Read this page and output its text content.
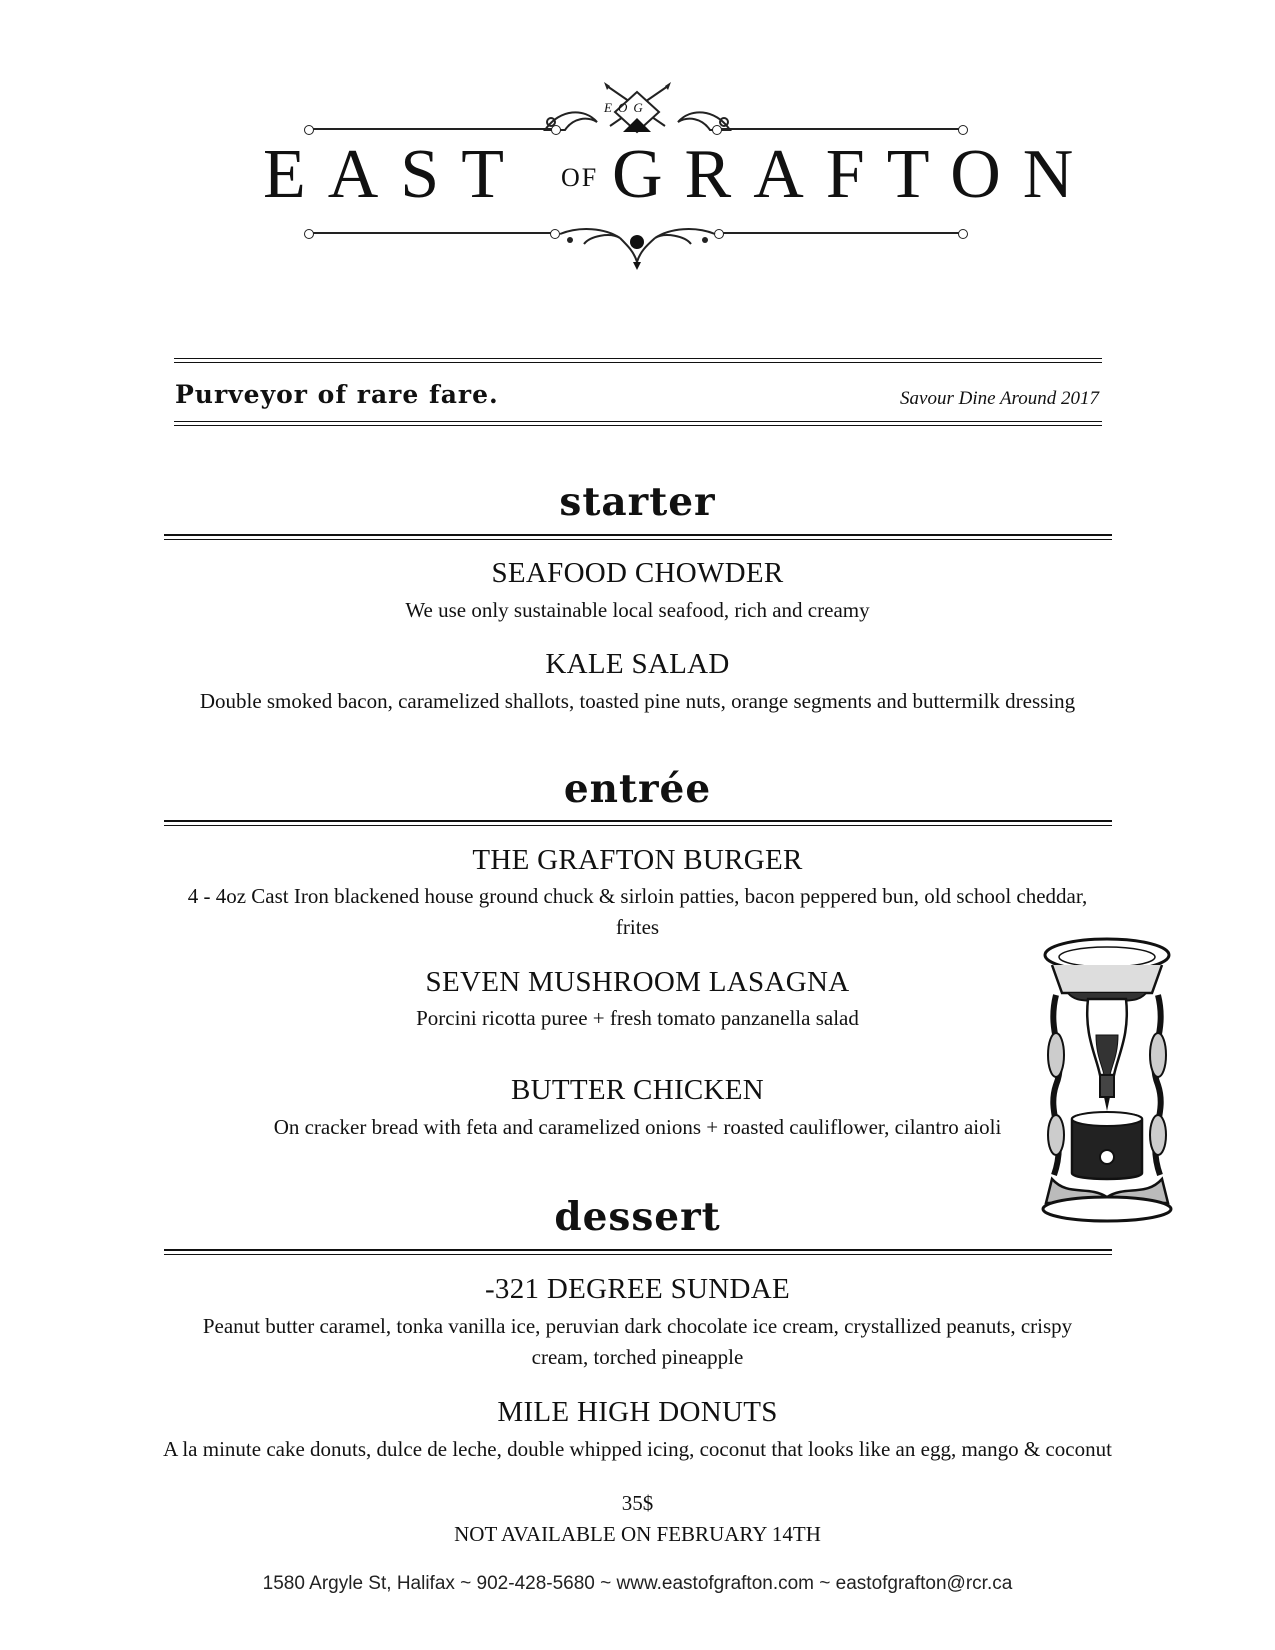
EOG
EAST OF GRAFTON
Purveyor of rare fare.	Savour Dine Around 2017
starter
SEAFOOD CHOWDER
We use only sustainable local seafood, rich and creamy
KALE SALAD
Double smoked bacon, caramelized shallots, toasted pine nuts, orange segments and buttermilk dressing
entrée
THE GRAFTON BURGER
4 - 4oz Cast Iron blackened house ground chuck & sirloin patties, bacon peppered bun, old school cheddar, frites
SEVEN MUSHROOM LASAGNA
Porcini ricotta puree + fresh tomato panzanella salad
BUTTER CHICKEN
On cracker bread with feta and caramelized onions + roasted cauliflower, cilantro aioli
dessert
-321 DEGREE SUNDAE
Peanut butter caramel, tonka vanilla ice, peruvian dark chocolate ice cream, crystallized peanuts, crispy cream, torched pineapple
MILE HIGH DONUTS
A la minute cake donuts, dulce de leche, double whipped icing, coconut that looks like an egg, mango & coconut
35$
NOT AVAILABLE ON FEBRUARY 14TH
1580 Argyle St, Halifax ~ 902-428-5680 ~ www.eastofgrafton.com ~ eastofgrafton@rcr.ca
